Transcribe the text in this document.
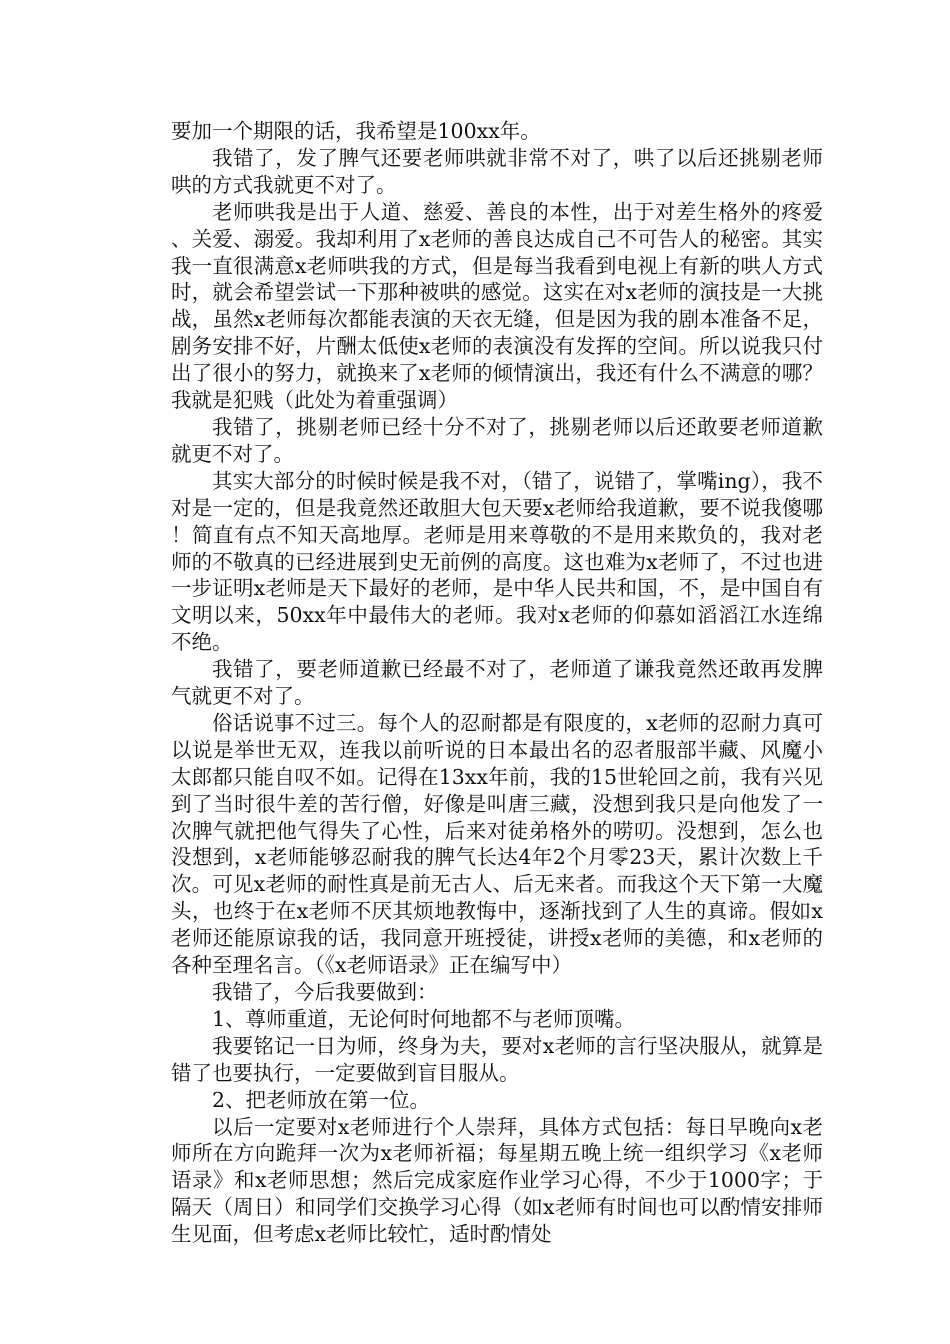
要加一个期限的话，我希望是100xx年。

我错了，发了脾气还要老师哄就非常不对了，哄了以后还挑剔老师哄的方式我就更不对了。

老师哄我是出于人道、慈爱、善良的本性，出于对差生格外的疼爱、关爱、溺爱。我却利用了x老师的善良达成自己不可告人的秘密。其实我一直很满意x老师哄我的方式，但是每当我看到电视上有新的哄人方式时，就会希望尝试一下那种被哄的感觉。这实在对x老师的演技是一大挑战，虽然x老师每次都能表演的天衣无缝，但是因为我的剧本准备不足，剧务安排不好，片酬太低使x老师的表演没有发挥的空间。所以说我只付出了很小的努力，就换来了x老师的倾情演出，我还有什么不满意的哪？我就是犯贱（此处为着重强调）

我错了，挑剔老师已经十分不对了，挑剔老师以后还敢要老师道歉就更不对了。

其实大部分的时候时候是我不对，（错了，说错了，掌嘴ing），我不对是一定的，但是我竟然还敢胆大包天要x老师给我道歉，要不说我傻哪！简直有点不知天高地厚。老师是用来尊敬的不是用来欺负的，我对老师的不敬真的已经进展到史无前例的高度。这也难为x老师了，不过也进一步证明x老师是天下最好的老师，是中华人民共和国，不，是中国自有文明以来，50xx年中最伟大的老师。我对x老师的仰慕如滔滔江水连绵不绝。

我错了，要老师道歉已经最不对了，老师道了谦我竟然还敢再发脾气就更不对了。

俗话说事不过三。每个人的忍耐都是有限度的，x老师的忍耐力真可以说是举世无双，连我以前听说的日本最出名的忍者服部半藏、风魔小太郎都只能自叹不如。记得在13xx年前，我的15世轮回之前，我有兴见到了当时很牛差的苦行僧，好像是叫唐三藏，没想到我只是向他发了一次脾气就把他气得失了心性，后来对徒弟格外的唠叨。没想到，怎么也没想到，x老师能够忍耐我的脾气长达4年2个月零23天，累计次数上千次。可见x老师的耐性真是前无古人、后无来者。而我这个天下第一大魔头，也终于在x老师不厌其烦地教悔中，逐渐找到了人生的真谛。假如x老师还能原谅我的话，我同意开班授徒，讲授x老师的美德，和x老师的各种至理名言。（《x老师语录》正在编写中）

我错了，今后我要做到：

1、尊师重道，无论何时何地都不与老师顶嘴。

我要铭记一日为师，终身为夫，要对x老师的言行坚决服从，就算是错了也要执行，一定要做到盲目服从。

2、把老师放在第一位。

以后一定要对x老师进行个人崇拜，具体方式包括：每日早晚向x老师所在方向跪拜一次为x老师祈福；每星期五晚上统一组织学习《x老师语录》和x老师思想；然后完成家庭作业学习心得，不少于1000字；于隔天（周日）和同学们交换学习心得（如x老师有时间也可以酌情安排师生见面，但考虑x老师比较忙，适时酌情处
